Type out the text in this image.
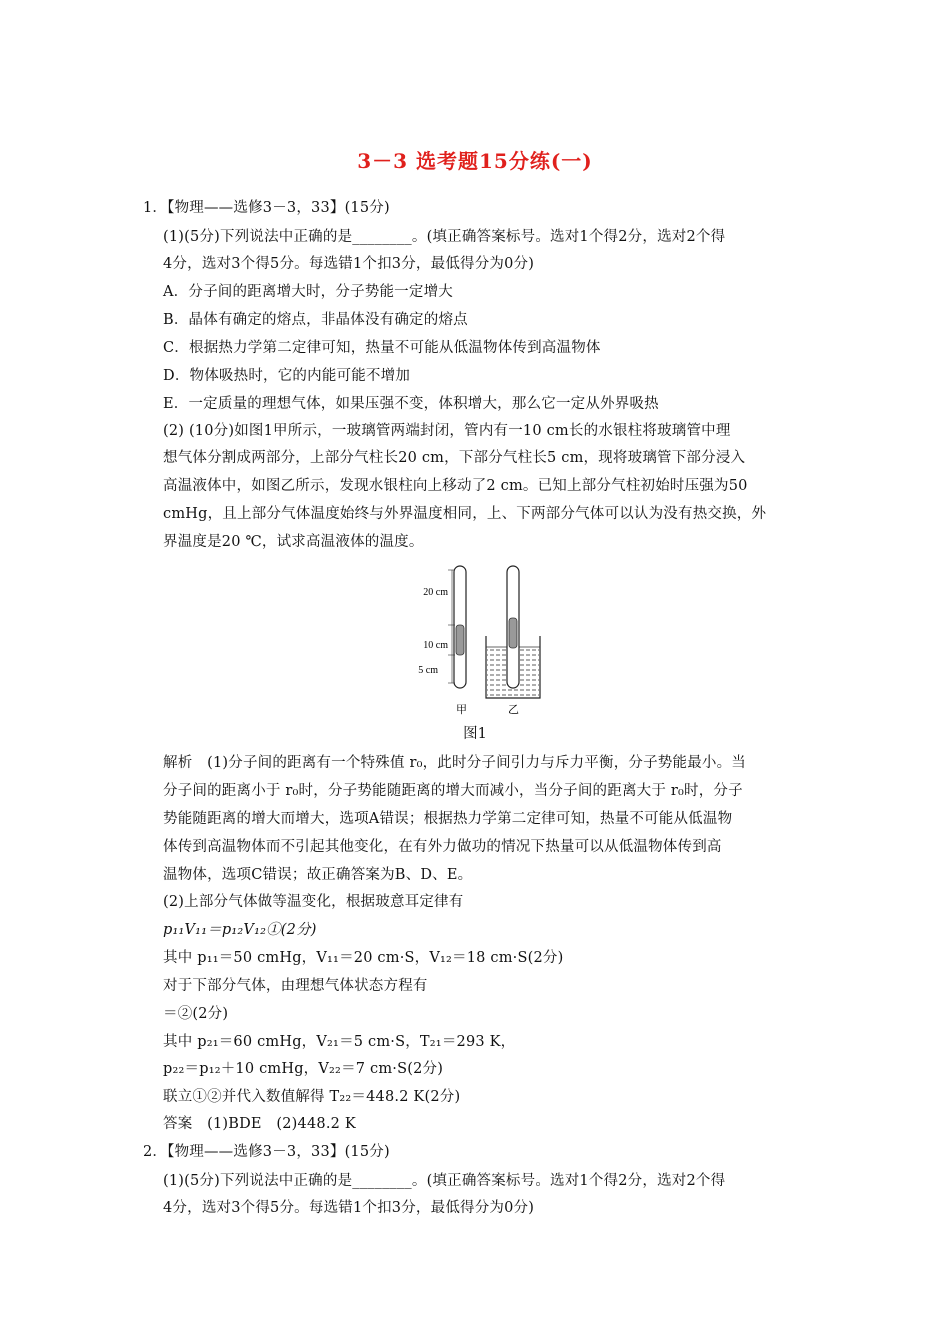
3－3 选考题15分练(一)
1．【物理——选修3－3，33】(15分)
(1)(5分)下列说法中正确的是________。(填正确答案标号。选对1个得2分，选对2个得
4分，选对3个得5分。每选错1个扣3分，最低得分为0分)
A．分子间的距离增大时，分子势能一定增大
B．晶体有确定的熔点，非晶体没有确定的熔点
C．根据热力学第二定律可知，热量不可能从低温物体传到高温物体
D．物体吸热时，它的内能可能不增加
E．一定质量的理想气体，如果压强不变，体积增大，那么它一定从外界吸热
(2) (10分)如图1甲所示，一玻璃管两端封闭，管内有一10 cm长的水银柱将玻璃管中理
想气体分割成两部分，上部分气柱长20 cm，下部分气柱长5 cm，现将玻璃管下部分浸入
高温液体中，如图乙所示，发现水银柱向上移动了2 cm。已知上部分气柱初始时压强为50
cmHg，且上部分气体温度始终与外界温度相同，上、下两部分气体可以认为没有热交换，外
界温度是20 ℃，试求高温液体的温度。
20 cm
10 cm
5 cm
甲	乙
图1
解析　(1)分子间的距离有一个特殊值 r₀，此时分子间引力与斥力平衡，分子势能最小。当
分子间的距离小于 r₀时，分子势能随距离的增大而减小，当分子间的距离大于 r₀时，分子
势能随距离的增大而增大，选项A错误；根据热力学第二定律可知，热量不可能从低温物
体传到高温物体而不引起其他变化，在有外力做功的情况下热量可以从低温物体传到高
温物体，选项C错误；故正确答案为B、D、E。
(2)上部分气体做等温变化，根据玻意耳定律有
p₁₁V₁₁＝p₁₂V₁₂①(2分)
其中 p₁₁＝50 cmHg，V₁₁＝20 cm·S，V₁₂＝18 cm·S(2分)
对于下部分气体，由理想气体状态方程有
＝②(2分)
其中 p₂₁＝60 cmHg，V₂₁＝5 cm·S，T₂₁＝293 K，
p₂₂＝p₁₂＋10 cmHg，V₂₂＝7 cm·S(2分)
联立①②并代入数值解得 T₂₂＝448.2 K(2分)
答案　(1)BDE　(2)448.2 K
2．【物理——选修3－3，33】(15分)
(1)(5分)下列说法中正确的是________。(填正确答案标号。选对1个得2分，选对2个得
4分，选对3个得5分。每选错1个扣3分，最低得分为0分)
